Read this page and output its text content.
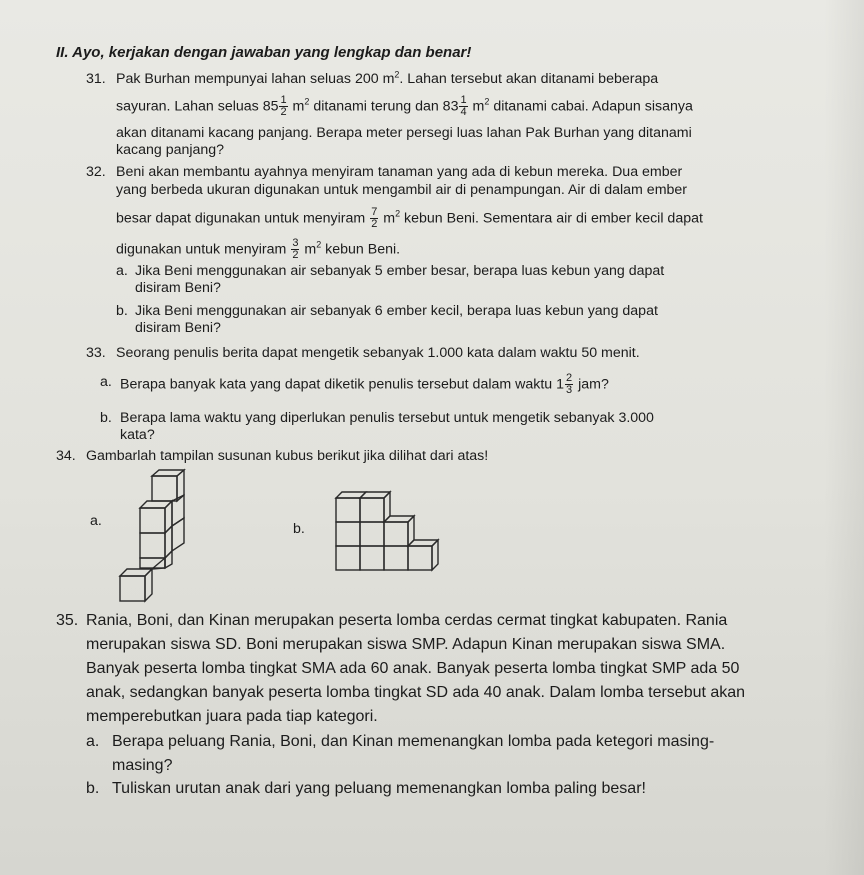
II. Ayo, kerjakan dengan jawaban yang lengkap dan benar!
31. Pak Burhan mempunyai lahan seluas 200 $m^2$. Lahan tersebut akan ditanami beberapa
sayuran. Lahan seluas $85 \frac{1}{2} m^2$ ditanami terung dan $83 \frac{1}{4} m^2$ ditanami cabai. Adapun sisanya
akan ditanami kacang panjang. Berapa meter persegi luas lahan Pak Burhan yang ditanami
kacang panjang?
32. Beni akan membantu ayahnya menyiram tanaman yang ada di kebun mereka. Dua ember
yang berbeda ukuran digunakan untuk mengambil air di penampungan. Air di dalam ember
besar dapat digunakan untuk menyiram $\frac{7}{2} m^2$ kebun Beni. Sementara air di ember kecil dapat
digunakan untuk menyiram $\frac{3}{2} m^2$ kebun Beni.
a. Jika Beni menggunakan air sebanyak 5 ember besar, berapa luas kebun yang dapat
disiram Beni?
b. Jika Beni menggunakan air sebanyak 6 ember kecil, berapa luas kebun yang dapat
disiram Beni?
33. Seorang penulis berita dapat mengetik sebanyak 1.000 kata dalam waktu 50 menit.
a. Berapa banyak kata yang dapat diketik penulis tersebut dalam waktu $1 \frac{2}{3}$ jam?
b. Berapa lama waktu yang diperlukan penulis tersebut untuk mengetik sebanyak 3.000
kata?
34. Gambarlah tampilan susunan kubus berikut jika dilihat dari atas!
a.	b.
35. Rania, Boni, dan Kinan merupakan peserta lomba cerdas cermat tingkat kabupaten. Rania
merupakan siswa SD. Boni merupakan siswa SMP. Adapun Kinan merupakan siswa SMA.
Banyak peserta lomba tingkat SMA ada 60 anak. Banyak peserta lomba tingkat SMP ada 50
anak, sedangkan banyak peserta lomba tingkat SD ada 40 anak. Dalam lomba tersebut akan
memperebutkan juara pada tiap kategori.
a. Berapa peluang Rania, Boni, dan Kinan memenangkan lomba pada ketegori masing-
masing?
b. Tuliskan urutan anak dari yang peluang memenangkan lomba paling besar!
